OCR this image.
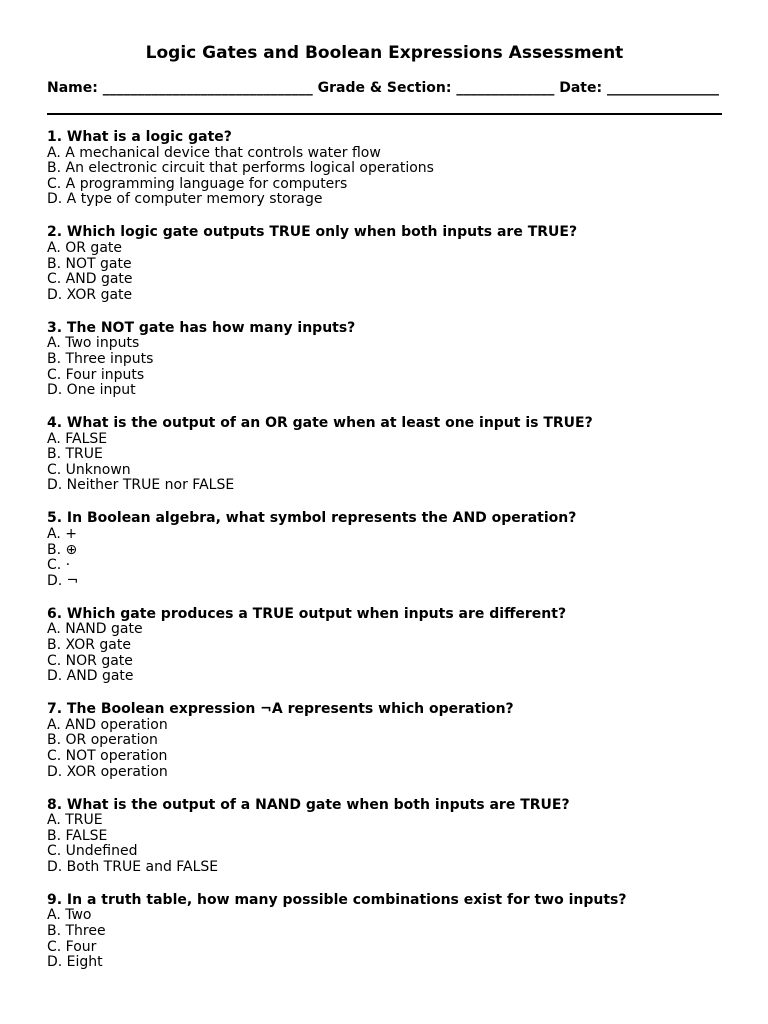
Logic Gates and Boolean Expressions Assessment
Name: ______________________________ Grade & Section: ______________ Date: ________________
1. What is a logic gate?
A. A mechanical device that controls water flow
B. An electronic circuit that performs logical operations
C. A programming language for computers
D. A type of computer memory storage
2. Which logic gate outputs TRUE only when both inputs are TRUE?
A. OR gate
B. NOT gate
C. AND gate
D. XOR gate
3. The NOT gate has how many inputs?
A. Two inputs
B. Three inputs
C. Four inputs
D. One input
4. What is the output of an OR gate when at least one input is TRUE?
A. FALSE
B. TRUE
C. Unknown
D. Neither TRUE nor FALSE
5. In Boolean algebra, what symbol represents the AND operation?
A. +
B. ⊕
C. ·
D. ¬
6. Which gate produces a TRUE output when inputs are different?
A. NAND gate
B. XOR gate
C. NOR gate
D. AND gate
7. The Boolean expression ¬A represents which operation?
A. AND operation
B. OR operation
C. NOT operation
D. XOR operation
8. What is the output of a NAND gate when both inputs are TRUE?
A. TRUE
B. FALSE
C. Undefined
D. Both TRUE and FALSE
9. In a truth table, how many possible combinations exist for two inputs?
A. Two
B. Three
C. Four
D. Eight
